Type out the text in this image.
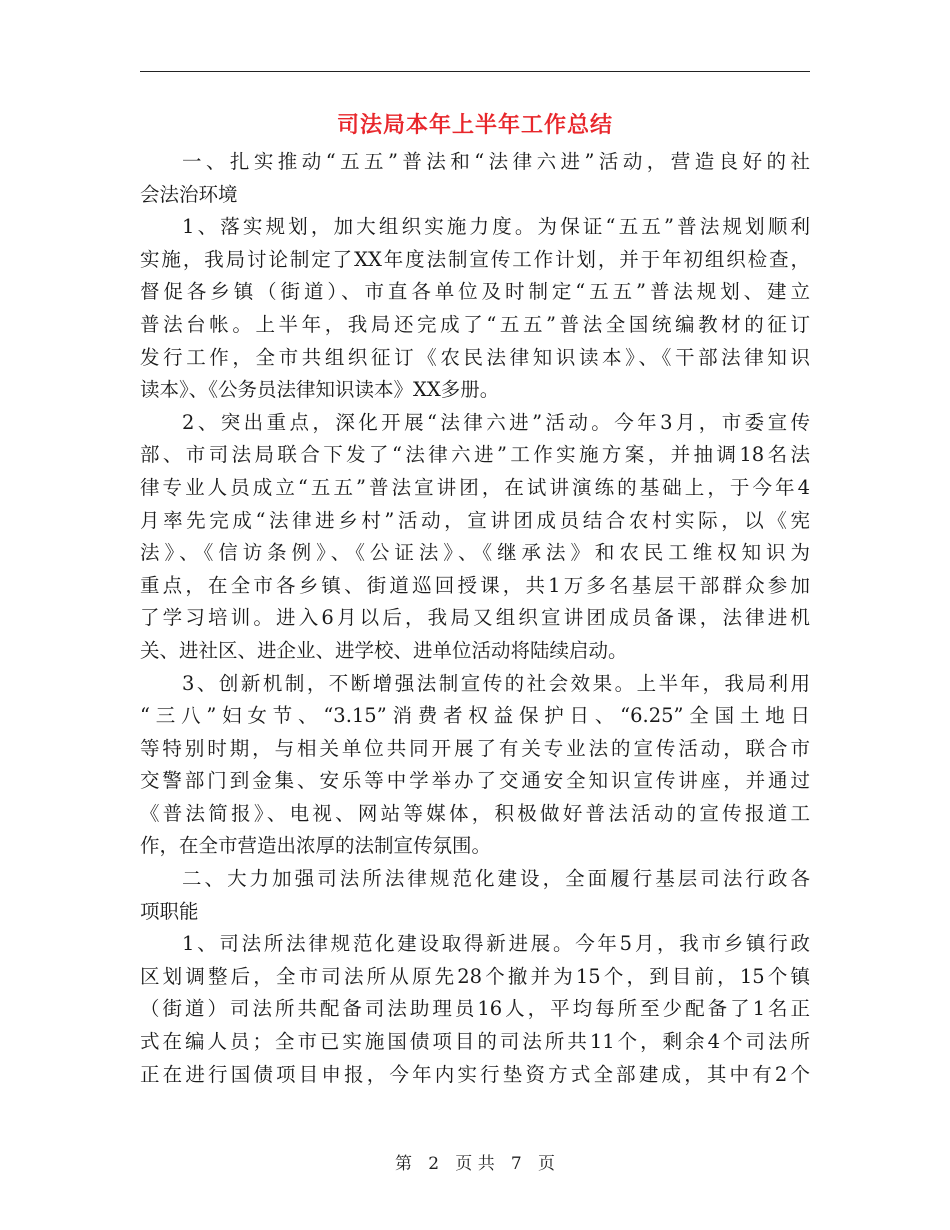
司法局本年上半年工作总结
一、扎实推动“五五”普法和“法律六进”活动，营造良好的社
会法治环境
1、落实规划，加大组织实施力度。为保证“五五”普法规划顺利
实施，我局讨论制定了XX年度法制宣传工作计划，并于年初组织检查，
督促各乡镇（街道）、市直各单位及时制定“五五”普法规划、建立
普法台帐。上半年，我局还完成了“五五”普法全国统编教材的征订
发行工作，全市共组织征订《农民法律知识读本》、《干部法律知识
读本》、《公务员法律知识读本》XX多册。
2、突出重点，深化开展“法律六进”活动。今年3月，市委宣传
部、市司法局联合下发了“法律六进”工作实施方案，并抽调18名法
律专业人员成立“五五”普法宣讲团，在试讲演练的基础上，于今年4
月率先完成“法律进乡村”活动，宣讲团成员结合农村实际，以《宪
法》、《信访条例》、《公证法》、《继承法》和农民工维权知识为
重点，在全市各乡镇、街道巡回授课，共1万多名基层干部群众参加
了学习培训。进入6月以后，我局又组织宣讲团成员备课，法律进机
关、进社区、进企业、进学校、进单位活动将陆续启动。
3、创新机制，不断增强法制宣传的社会效果。上半年，我局利用
“三八”妇女节、“3.15”消费者权益保护日、“6.25”全国土地日
等特别时期，与相关单位共同开展了有关专业法的宣传活动，联合市
交警部门到金集、安乐等中学举办了交通安全知识宣传讲座，并通过
《普法简报》、电视、网站等媒体，积极做好普法活动的宣传报道工
作，在全市营造出浓厚的法制宣传氛围。
二、大力加强司法所法律规范化建设，全面履行基层司法行政各
项职能
1、司法所法律规范化建设取得新进展。今年5月，我市乡镇行政
区划调整后，全市司法所从原先28个撤并为15个，到目前，15个镇
（街道）司法所共配备司法助理员16人，平均每所至少配备了1名正
式在编人员；全市已实施国债项目的司法所共11个，剩余4个司法所
正在进行国债项目申报，今年内实行垫资方式全部建成，其中有2个
第 2 页 共 7 页
